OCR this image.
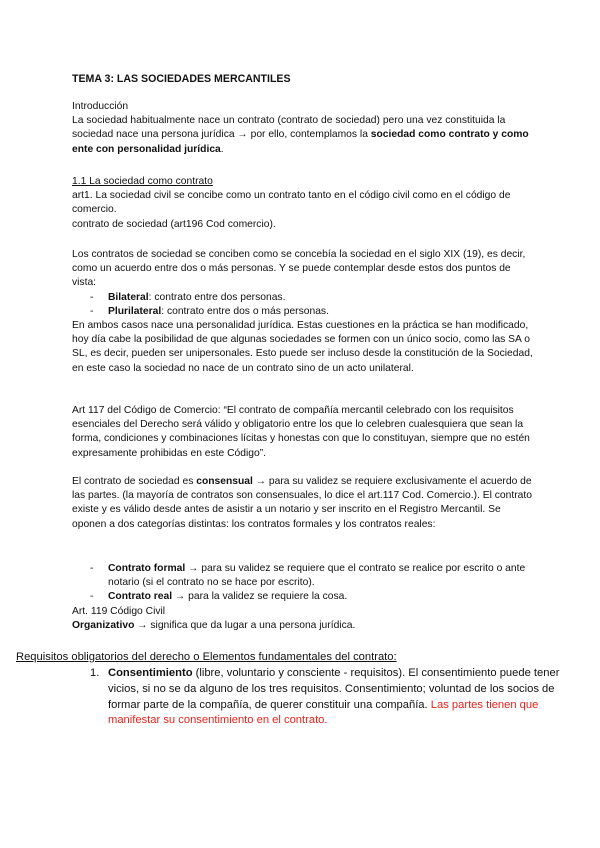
TEMA 3: LAS SOCIEDADES MERCANTILES

Introducción

La sociedad habitualmente nace un contrato (contrato de sociedad) pero una vez constituida la sociedad nace una persona jurídica → por ello, contemplamos la sociedad como contrato y como ente con personalidad jurídica.

1.1 La sociedad como contrato

art1. La sociedad civil se concibe como un contrato tanto en el código civil como en el código de comercio.

contrato de sociedad (art196 Cod comercio).

Los contratos de sociedad se conciben como se concebía la sociedad en el siglo XIX (19), es decir, como un acuerdo entre dos o más personas. Y se puede contemplar desde estos dos puntos de vista:

- Bilateral: contrato entre dos personas.
- Plurilateral: contrato entre dos o más personas.

En ambos casos nace una personalidad jurídica. Estas cuestiones en la práctica se han modificado, hoy día cabe la posibilidad de que algunas sociedades se formen con un único socio, como las SA o SL, es decir, pueden ser unipersonales. Esto puede ser incluso desde la constitución de la Sociedad, en este caso la sociedad no nace de un contrato sino de un acto unilateral.

Art 117 del Código de Comercio: “El contrato de compañía mercantil celebrado con los requisitos esenciales del Derecho será válido y obligatorio entre los que lo celebren cualesquiera que sean la forma, condiciones y combinaciones lícitas y honestas con que lo constituyan, siempre que no estén expresamente prohibidas en este Código”.

El contrato de sociedad es consensual → para su validez se requiere exclusivamente el acuerdo de las partes. (la mayoría de contratos son consensuales, lo dice el art.117 Cod. Comercio.). El contrato existe y es válido desde antes de asistir a un notario y ser inscrito en el Registro Mercantil. Se oponen a dos categorías distintas: los contratos formales y los contratos reales:

- Contrato formal → para su validez se requiere que el contrato se realice por escrito o ante notario (si el contrato no se hace por escrito).
- Contrato real → para la validez se requiere la cosa.

Art. 119 Código Civil

Organizativo → significa que da lugar a una persona jurídica.

Requisitos obligatorios del derecho o Elementos fundamentales del contrato:
1. Consentimiento (libre, voluntario y consciente - requisitos). El consentimiento puede tener vicios, si no se da alguno de los tres requisitos. Consentimiento; voluntad de los socios de formar parte de la compañía, de querer constituir una compañía. Las partes tienen que manifestar su consentimiento en el contrato.
